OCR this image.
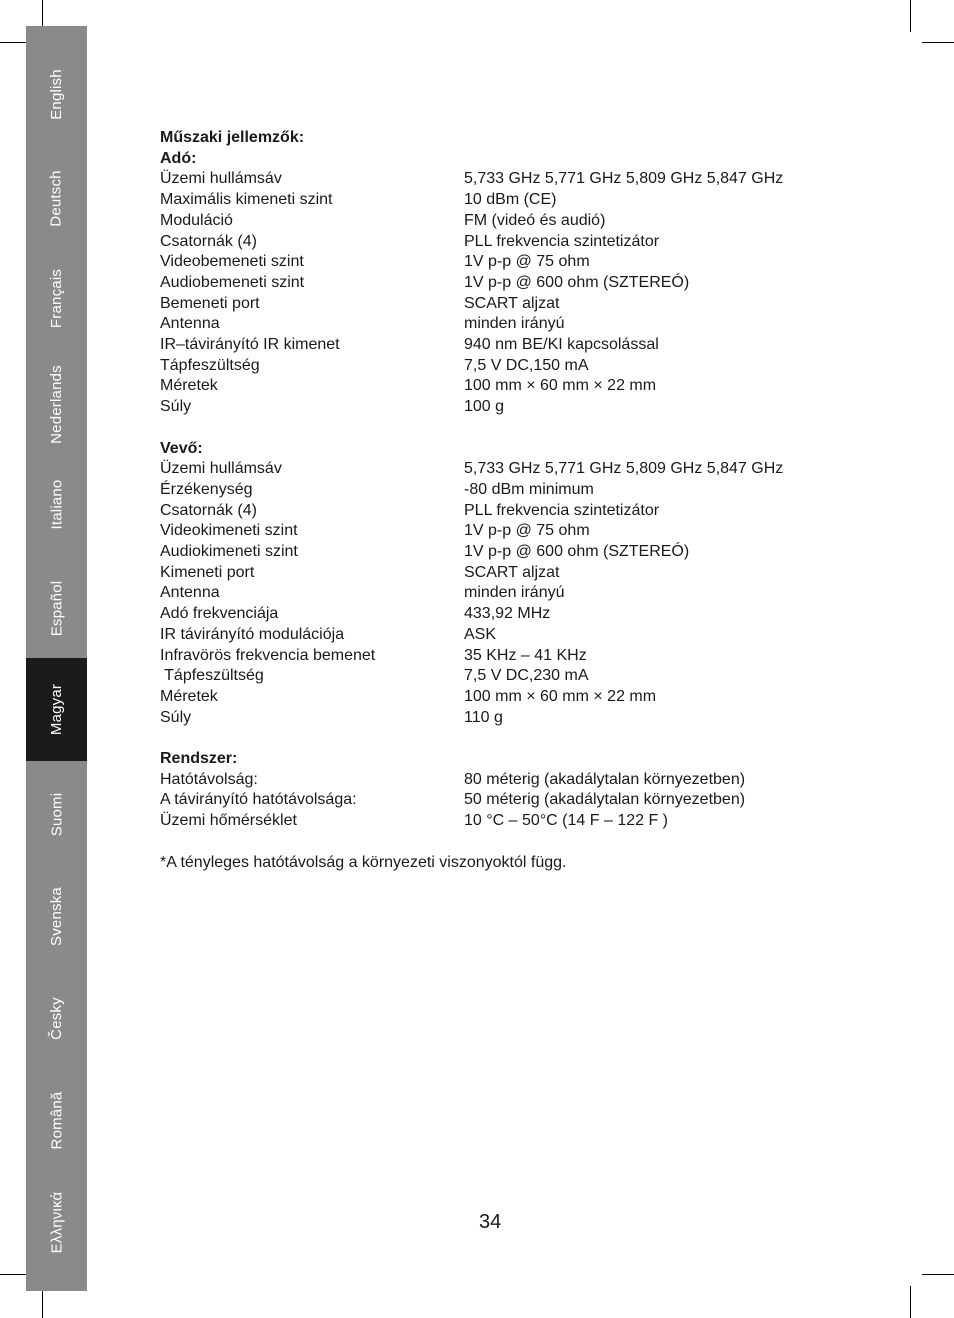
English
Deutsch
Français
Nederlands
Italiano
Español
Magyar
Suomi
Svenska
Česky
Română
Ελληνικά
Műszaki jellemzők:
Adó:
Üzemi hullámsáv	5,733 GHz 5,771 GHz 5,809 GHz 5,847 GHz
Maximális kimeneti szint	10 dBm (CE)
Moduláció	FM (videó és audió)
Csatornák (4)	PLL frekvencia szintetizátor
Videobemeneti szint	1V p-p @ 75 ohm
Audiobemeneti szint	1V p-p @ 600 ohm (SZTEREÓ)
Bemeneti port	SCART aljzat
Antenna	minden irányú
IR–távirányító IR kimenet	940 nm BE/KI kapcsolással
Tápfeszültség	7,5 V DC,150 mA
Méretek	100 mm × 60 mm × 22 mm
Súly	100 g
Vevő:
Üzemi hullámsáv	5,733 GHz 5,771 GHz 5,809 GHz 5,847 GHz
Érzékenység	-80 dBm minimum
Csatornák (4)	PLL frekvencia szintetizátor
Videokimeneti szint	1V p-p @ 75 ohm
Audiokimeneti szint	1V p-p @ 600 ohm (SZTEREÓ)
Kimeneti port	SCART aljzat
Antenna	minden irányú
Adó frekvenciája	433,92 MHz
IR távirányító modulációja	ASK
Infravörös frekvencia bemenet	35 KHz – 41 KHz
Tápfeszültség	7,5 V DC,230 mA
Méretek	100 mm × 60 mm × 22 mm
Súly	110 g
Rendszer:
Hatótávolság:	80 méterig (akadálytalan környezetben)
A távirányító hatótávolsága:	50 méterig (akadálytalan környezetben)
Üzemi hőmérséklet	10 °C – 50°C (14 F – 122 F )
*A tényleges hatótávolság a környezeti viszonyoktól függ.
34
